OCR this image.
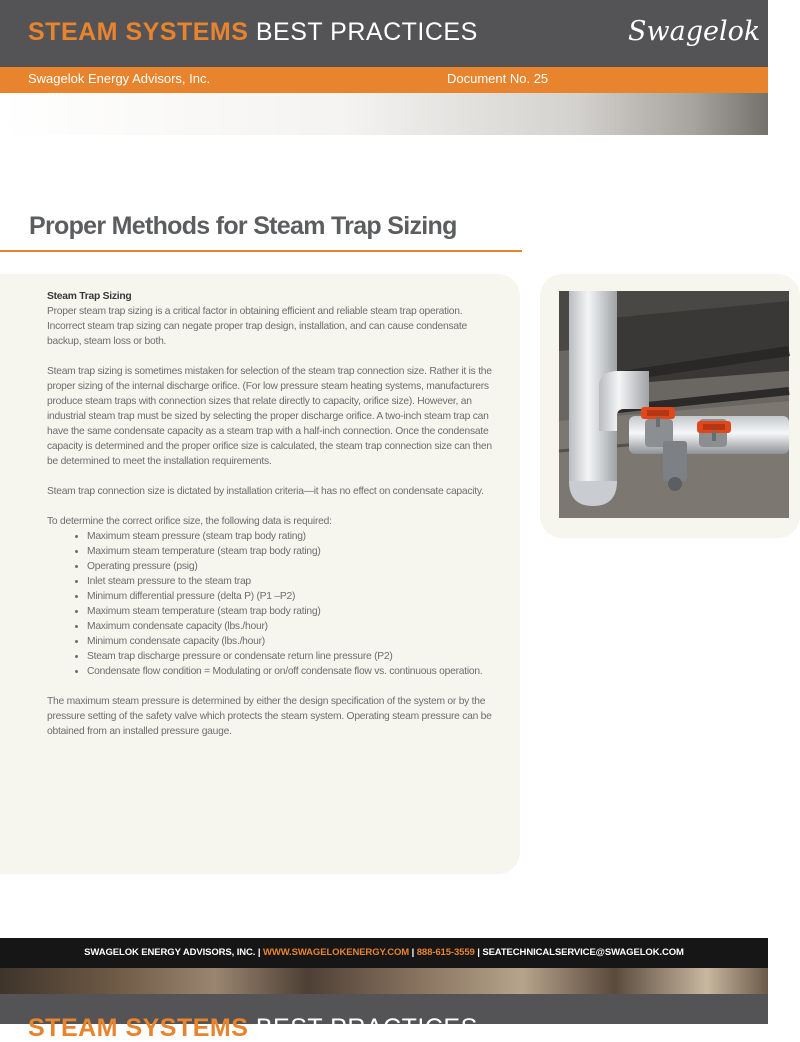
STEAM SYSTEMS BEST PRACTICES	Swagelok
Swagelok Energy Advisors, Inc.	Document No. 25
Proper Methods for Steam Trap Sizing

Steam Trap Sizing

Proper steam trap sizing is a critical factor in obtaining efficient and reliable steam trap operation. Incorrect steam trap sizing can negate proper trap design, installation, and can cause condensate backup, steam loss or both.

Steam trap sizing is sometimes mistaken for selection of the steam trap connection size. Rather it is the proper sizing of the internal discharge orifice. (For low pressure steam heating systems, manufacturers produce steam traps with connection sizes that relate directly to capacity, orifice size). However, an industrial steam trap must be sized by selecting the proper discharge orifice. A two-inch steam trap can have the same condensate capacity as a steam trap with a half-inch connection. Once the condensate capacity is determined and the proper orifice size is calculated, the steam trap connection size can then be determined to meet the installation requirements.

Steam trap connection size is dictated by installation criteria—it has no effect on condensate capacity.

To determine the correct orifice size, the following data is required:

• Maximum steam pressure (steam trap body rating)
• Maximum steam temperature (steam trap body rating)
• Operating pressure (psig)
• Inlet steam pressure to the steam trap
• Minimum differential pressure (delta P) (P1 –P2)
• Maximum steam temperature (steam trap body rating)
• Maximum condensate capacity (lbs./hour)
• Minimum condensate capacity (lbs./hour)
• Steam trap discharge pressure or condensate return line pressure (P2)
• Condensate flow condition = Modulating or on/off condensate flow vs. continuous operation.

The maximum steam pressure is determined by either the design specification of the system or by the pressure setting of the safety valve which protects the steam system. Operating steam pressure can be obtained from an installed pressure gauge.

SWAGELOK ENERGY ADVISORS, INC. | WWW.SWAGELOKENERGY.COM | 888-615-3559 | SEATECHNICALSERVICE@SWAGELOK.COM
STEAM SYSTEMS BEST PRACTICES
